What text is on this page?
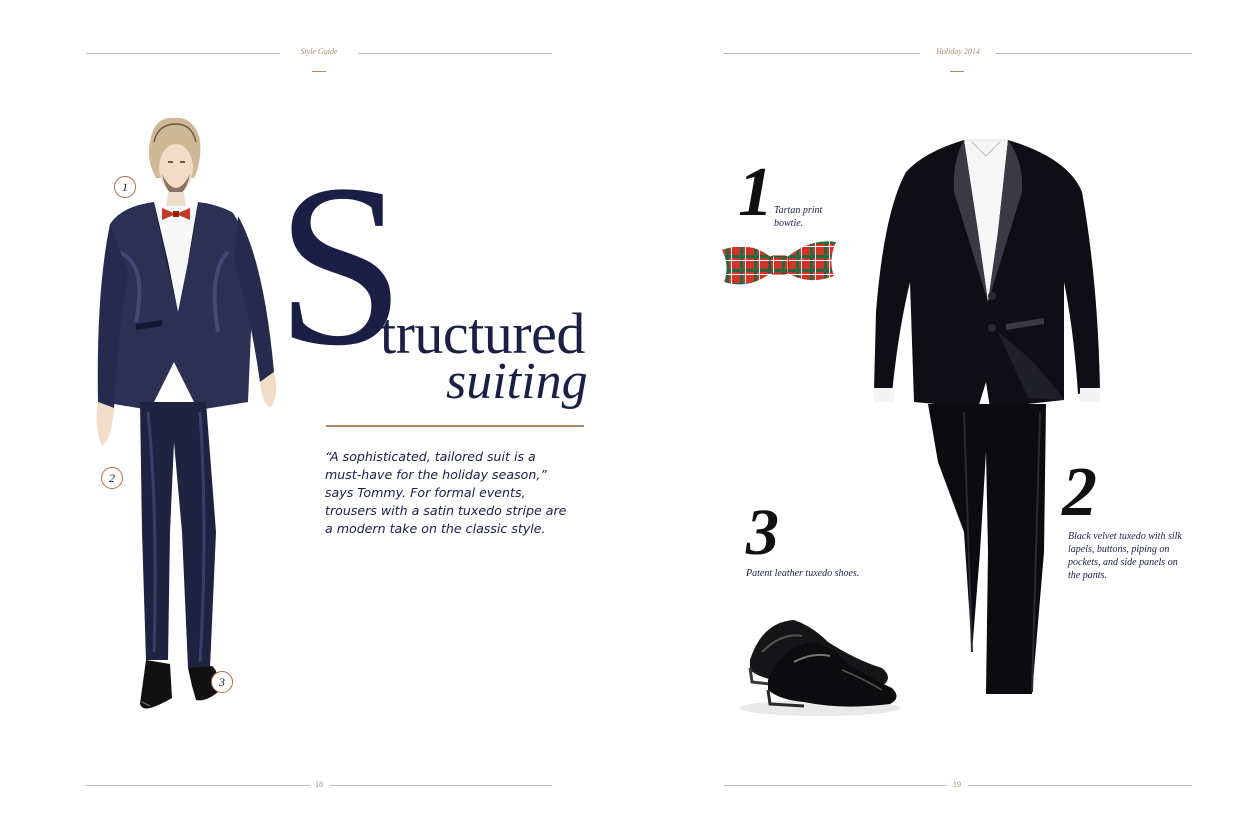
Style Guide
1
2
3
S
tructured
suiting
“A sophisticated, tailored suit is a must-have for the holiday season,” says Tommy. For formal events, trousers with a satin tuxedo stripe are a modern take on the classic style.
18
Holiday 2014
1 Tartan print bowtie.
2
Black velvet tuxedo with silk lapels, buttons, piping on pockets, and side panels on the pants.
3
Patent leather tuxedo shoes.
19
